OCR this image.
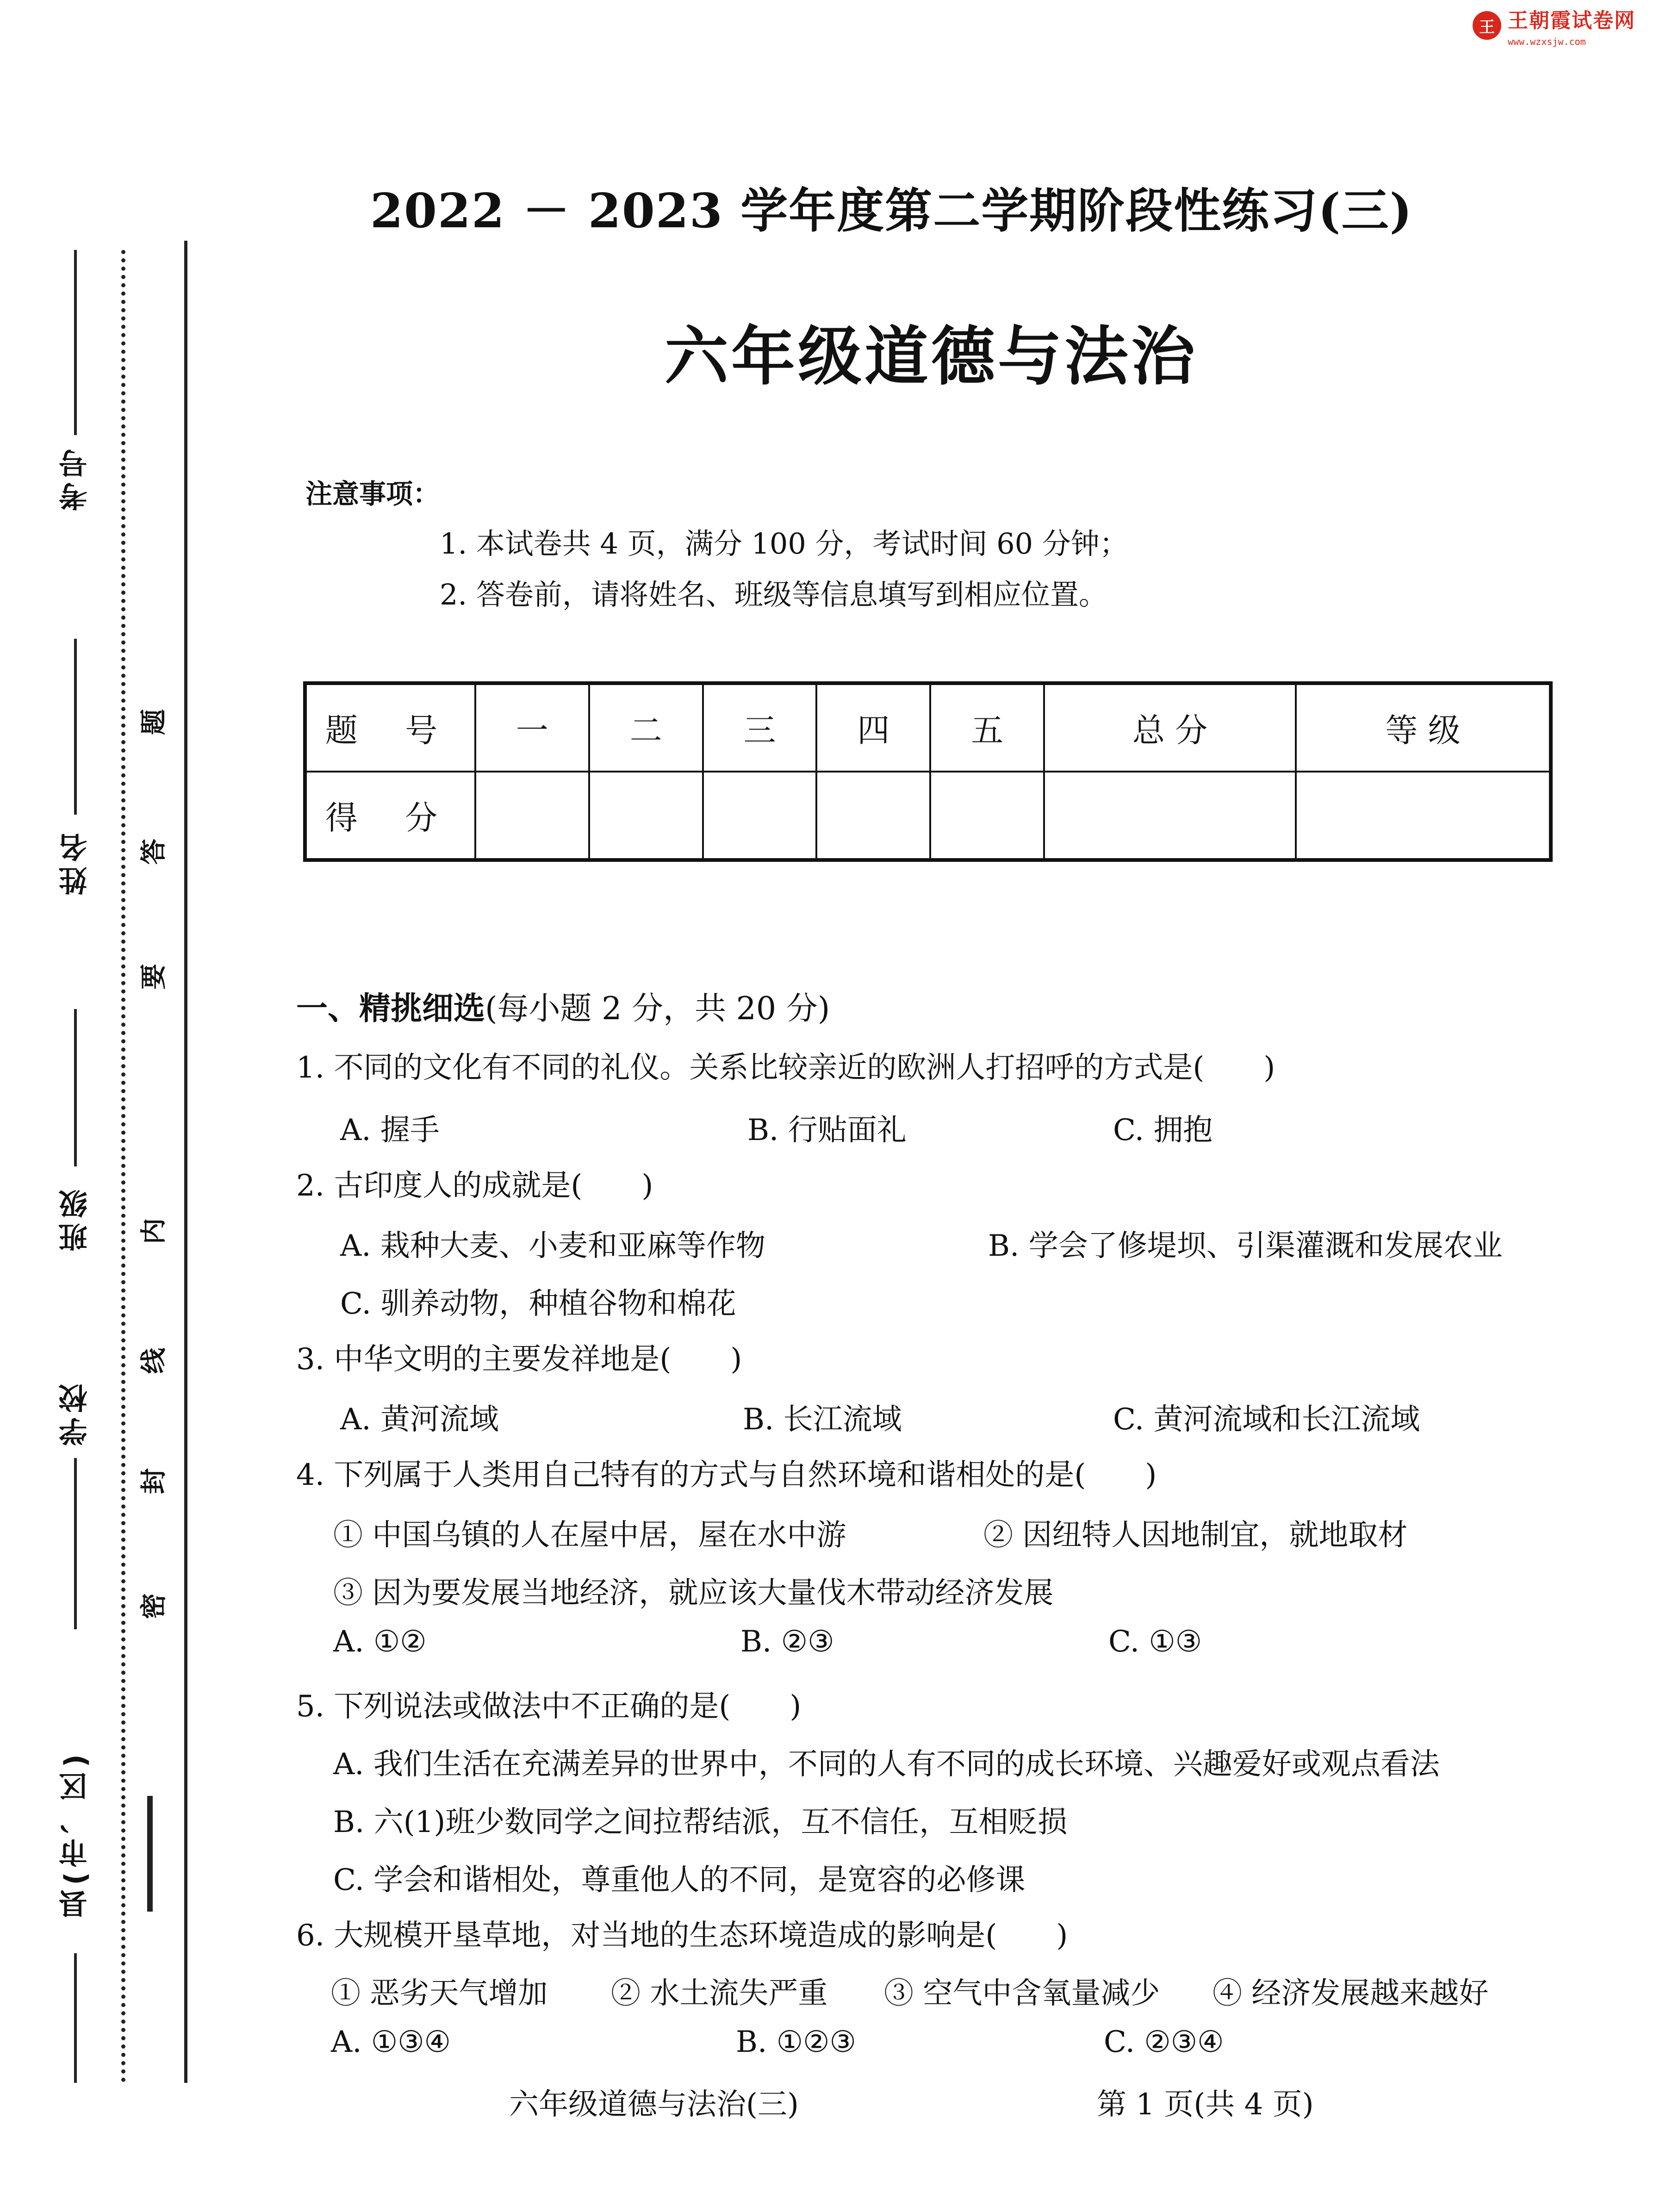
王 王朝霞试卷网
www.wzxsjw.com
考号
姓名
班级
学校
县(市、区)
题
答
要
内
线
封
密
2022 － 2023 学年度第二学期阶段性练习(三)
六年级道德与法治
注意事项：
1. 本试卷共 4 页，满分 100 分，考试时间 60 分钟；
2. 答卷前，请将姓名、班级等信息填写到相应位置。
题 号	一	二	三	四	五	总 分	等 级
得 分							
一、精挑细选(每小题 2 分，共 20 分)
1. 不同的文化有不同的礼仪。关系比较亲近的欧洲人打招呼的方式是(　　)
A. 握手	B. 行贴面礼	C. 拥抱
2. 古印度人的成就是(　　)
A. 栽种大麦、小麦和亚麻等作物	B. 学会了修堤坝、引渠灌溉和发展农业
C. 驯养动物，种植谷物和棉花
3. 中华文明的主要发祥地是(　　)
A. 黄河流域	B. 长江流域	C. 黄河流域和长江流域
4. 下列属于人类用自己特有的方式与自然环境和谐相处的是(　　)
① 中国乌镇的人在屋中居，屋在水中游	② 因纽特人因地制宜，就地取材
③ 因为要发展当地经济，就应该大量伐木带动经济发展
A. ①②	B. ②③	C. ①③
5. 下列说法或做法中不正确的是(　　)
A. 我们生活在充满差异的世界中，不同的人有不同的成长环境、兴趣爱好或观点看法
B. 六(1)班少数同学之间拉帮结派，互不信任，互相贬损
C. 学会和谐相处，尊重他人的不同，是宽容的必修课
6. 大规模开垦草地，对当地的生态环境造成的影响是(　　)
① 恶劣天气增加 ② 水土流失严重 ③ 空气中含氧量减少 ④ 经济发展越来越好
A. ①③④	B. ①②③	C. ②③④
六年级道德与法治(三)	第 1 页(共 4 页)
